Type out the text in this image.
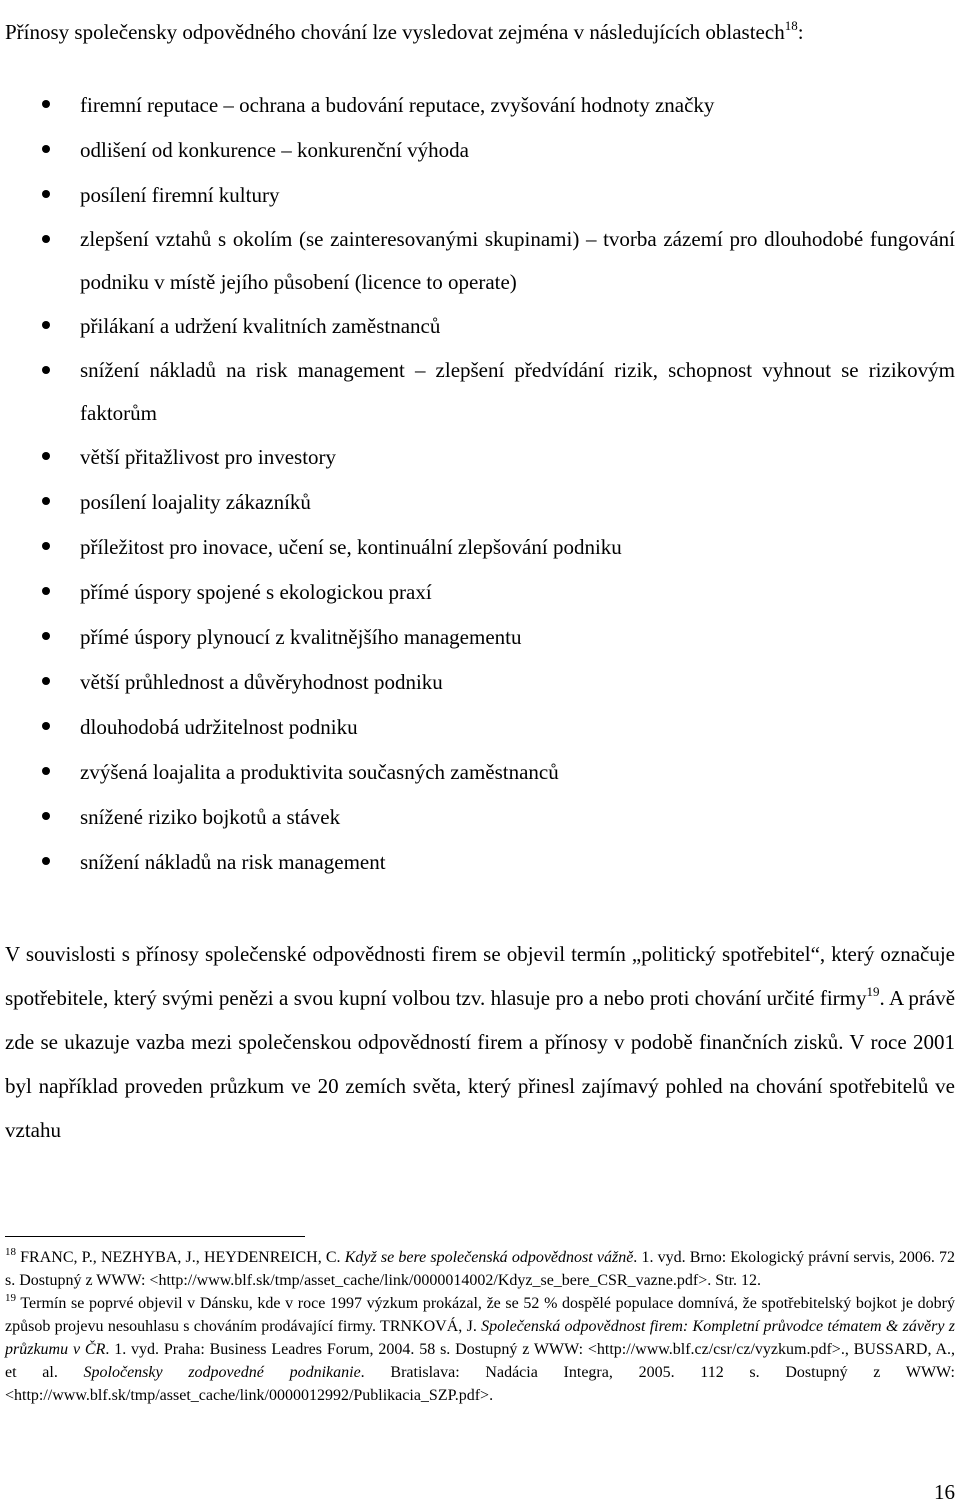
Přínosy společensky odpovědného chování lze vysledovat zejména v následujících oblastech$^{18}$:

firemní reputace – ochrana a budování reputace, zvyšování hodnoty značky
odlišení od konkurence – konkurenční výhoda
posílení firemní kultury
zlepšení vztahů s okolím (se zainteresovanými skupinami) – tvorba zázemí pro dlouhodobé fungování podniku v místě jejího působení (licence to operate)
přilákaní a udržení kvalitních zaměstnanců
snížení nákladů na risk management – zlepšení předvídání rizik, schopnost vyhnout se rizikovým faktorům
větší přitažlivost pro investory
posílení loajality zákazníků
příležitost pro inovace, učení se, kontinuální zlepšování podniku
přímé úspory spojené s ekologickou praxí
přímé úspory plynoucí z kvalitnějšího managementu
větší průhlednost a důvěryhodnost podniku
dlouhodobá udržitelnost podniku
zvýšená loajalita a produktivita současných zaměstnanců
snížené riziko bojkotů a stávek
snížení nákladů na risk management

V souvislosti s přínosy společenské odpovědnosti firem se objevil termín „politický spotřebitel“, který označuje spotřebitele, který svými penězi a svou kupní volbou tzv. hlasuje pro a nebo proti chování určité firmy$^{19}$. A právě zde se ukazuje vazba mezi společenskou odpovědností firem a přínosy v podobě finančních zisků. V roce 2001 byl například proveden průzkum ve 20 zemích světa, který přinesl zajímavý pohled na chování spotřebitelů ve vztahu

$^{18}$ FRANC, P., NEZHYBA, J., HEYDENREICH, C. Když se bere společenská odpovědnost vážně. 1. vyd. Brno: Ekologický právní servis, 2006. 72 s. Dostupný z WWW: <http://www.blf.sk/tmp/asset_cache/link/0000014002/Kdyz_se_bere_CSR_vazne.pdf>. Str. 12.

$^{19}$ Termín se poprvé objevil v Dánsku, kde v roce 1997 výzkum prokázal, že se 52 % dospělé populace domnívá, že spotřebitelský bojkot je dobrý způsob projevu nesouhlasu s chováním prodávající firmy. TRNKOVÁ, J. Společenská odpovědnost firem: Kompletní průvodce tématem & závěry z průzkumu v ČR. 1. vyd. Praha: Business Leadres Forum, 2004. 58 s. Dostupný z WWW: <http://www.blf.cz/csr/cz/vyzkum.pdf>., BUSSARD, A., et al. Spoločensky zodpovedné podnikanie. Bratislava: Nadácia Integra, 2005. 112 s. Dostupný z WWW: <http://www.blf.sk/tmp/asset_cache/link/0000012992/Publikacia_SZP.pdf>.

16
